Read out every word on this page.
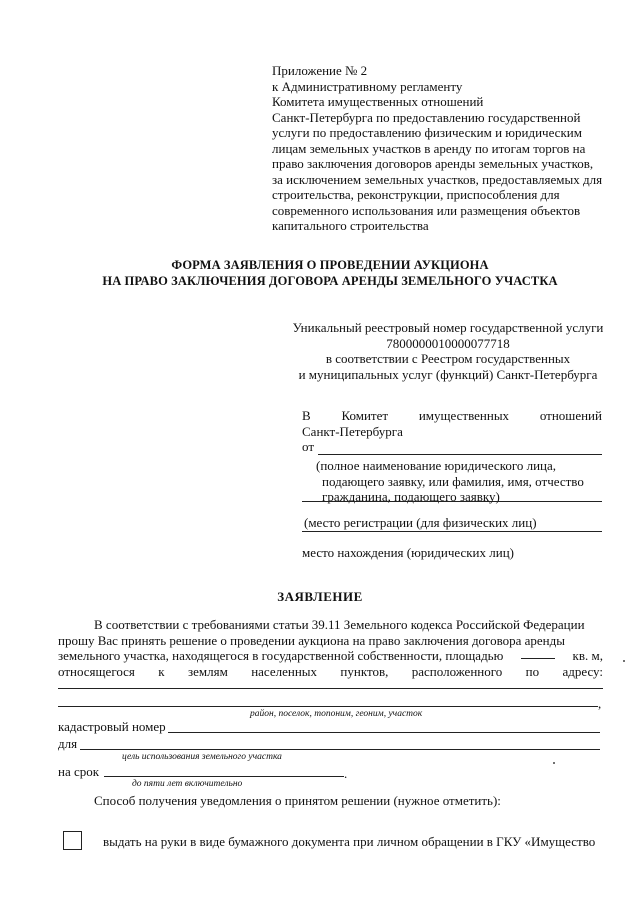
Приложение № 2
к Административному регламенту
Комитета имущественных отношений
Санкт-Петербурга по предоставлению государственной
услуги по предоставлению физическим и юридическим
лицам земельных участков в аренду по итогам торгов на
право заключения договоров аренды земельных участков,
за исключением земельных участков, предоставляемых для
строительства, реконструкции, приспособления для
современного использования или размещения объектов
капитального строительства
ФОРМА ЗАЯВЛЕНИЯ О ПРОВЕДЕНИИ АУКЦИОНА
НА ПРАВО ЗАКЛЮЧЕНИЯ ДОГОВОРА АРЕНДЫ ЗЕМЕЛЬНОГО УЧАСТКА
Уникальный реестровый номер государственной услуги
7800000010000077718
в соответствии с Реестром государственных
и муниципальных услуг (функций) Санкт-Петербурга
В Комитет имущественных отношений
Санкт-Петербурга
от
(полное наименование юридического лица,
подающего заявку, или фамилия, имя, отчество
гражданина, подающего заявку)
(место регистрации (для физических лиц)
место нахождения (юридических лиц)
ЗАЯВЛЕНИЕ
В соответствии с требованиями статьи 39.11 Земельного кодекса Российской Федерации
прошу Вас принять решение о проведении аукциона на право заключения договора аренды
земельного участка, находящегося в государственной собственности, площадью	кв. м,
относящегося к землям населенных пунктов, расположенного по адресу:
,
район, поселок, топоним, геоним, участок
кадастровый номер
для
цель использования земельного участка
на срок	.
до пяти лет включительно
Способ получения уведомления о принятом решении (нужное отметить):
выдать на руки в виде бумажного документа при личном обращении в ГКУ «Имущество
